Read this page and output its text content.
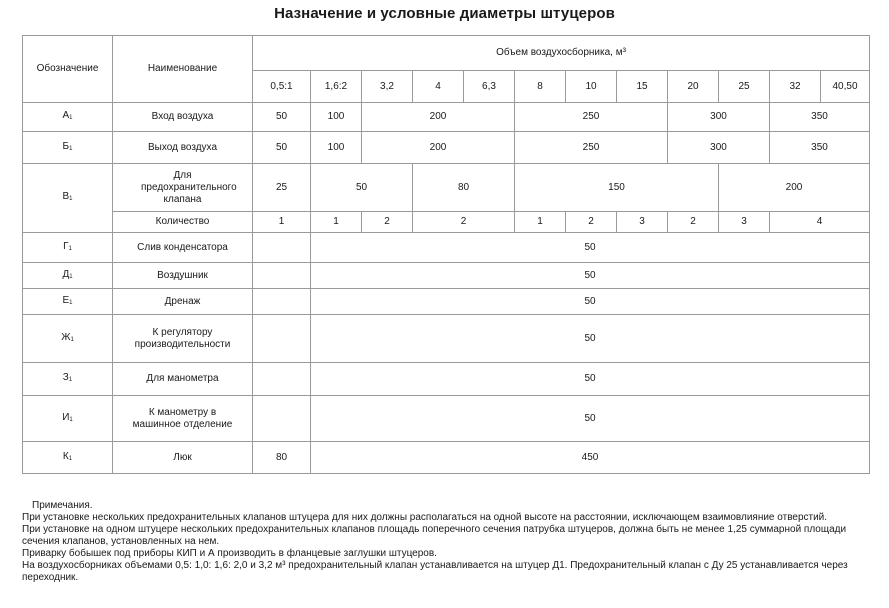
Назначение и условные диаметры штуцеров
Обозначение	Наименование	Объем воздухосборника, м³											
		0,5:1	1,6:2	3,2	4	6,3	8	10	15	20	25	32	40,50
А1	Вход воздуха	50	100	200			250			300		350	
Б1	Выход воздуха	50	100	200			250			300		350	
В1	Для предохранительного клапана	25	50		80		150				200		
	Количество	1	1	2	2		1	2	3	2	3	4	
Г1	Слив конденсатора		50										
Д1	Воздушник		50										
Е1	Дренаж		50										
Ж1	К регулятору производительности		50										
З1	Для манометра		50										
И1	К манометру в машинное отделение		50										
К1	Люк	80	450										
Примечания.
При установке нескольких предохранительных клапанов штуцера для них должны располагаться на одной высоте на расстоянии, исключающем взаимовлияние отверстий.
При установке на одном штуцере нескольких предохранительных клапанов площадь поперечного сечения патрубка штуцеров, должна быть не менее 1,25 суммарной площади сечения клапанов, установленных на нем.
Приварку бобышек под приборы КИП и А производить в фланцевые заглушки штуцеров.
На воздухосборниках объемами 0,5: 1,0: 1,6: 2,0 и 3,2 м³ предохранительный клапан устанавливается на штуцер Д1. Предохранительный клапан с Ду 25 устанавливается через переходник.
